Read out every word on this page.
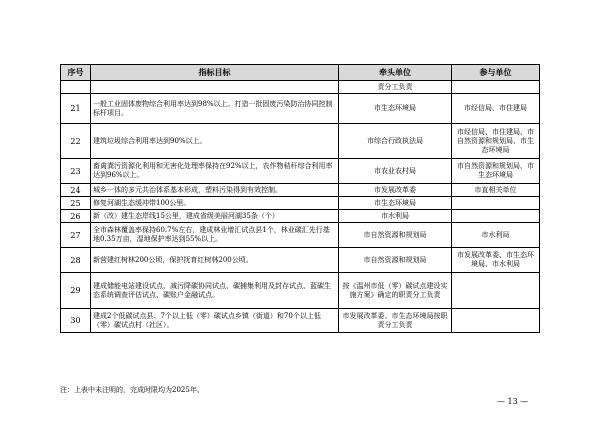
序号	指标目标	牵头单位	参与单位
		责分工负责	
21	一般工业固体废物综合利用率达到98%以上。打造一批固废污染防治协同控制标杆项目。	市生态环境局	市经信局、市住建局
22	建筑垃圾综合利用率达到90%以上。	市综合行政执法局	市经信局、市住建局、市自然资源和规划局、市生态环境局
23	畜禽粪污资源化利用和无害化处理率保持在92%以上，农作物秸秆综合利用率达到96%以上。	市农业农村局	市自然资源和规划局、市生态环境局
24	城乡一体的多元共治体系基本形成，塑料污染得到有效控制。	市发展改革委	市直相关单位
25	修复河湖生态缓冲带100公里。	市生态环境局	
26	新（改）建生态岸线15公里，建成省级美丽河湖35条（个）	市水利局	
27	全市森林覆盖率保持60.7%左右，建成林业增汇试点县1个，林业碳汇先行基地0.35万亩，湿地保护率达到55%以上。	市自然资源和规划局	市水利局
28	新营建红树林200公顷，保护抚育红树林200公顷。	市自然资源和规划局	市发展改革委、市生态环境局、市水利局
29	建成储能电站建设试点、减污降碳协同试点、碳捕集利用及封存试点、蓝碳生态系统调查评估试点、碳账户金融试点。	按《温州市低（零）碳试点建设实施方案》确定的职责分工负责	
30	建成2个低碳试点县、7个以上低（零）碳试点乡镇（街道）和70个以上低（零）碳试点村（社区）。	市发展改革委、市生态环境局按职责分工负责	
注：上表中未注明的，完成时限均为2025年。
— 13 —
